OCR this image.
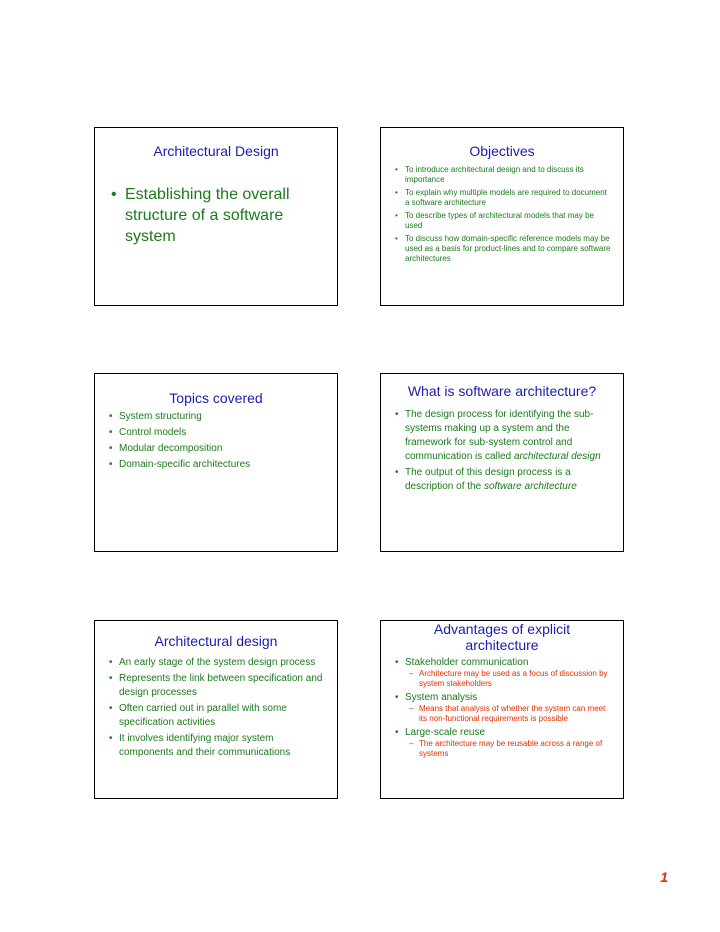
Architectural Design
• Establishing the overall structure of a software system
Objectives
• To introduce architectural design and to discuss its importance
• To explain why multiple models are required to document a software architecture
• To describe types of architectural models that may be used
• To discuss how domain-specific reference models may be used as a basis for product-lines and to compare software architectures
Topics covered
• System structuring
• Control models
• Modular decomposition
• Domain-specific architectures
What is software architecture?
• The design process for identifying the sub-systems making up a system and the framework for sub-system control and communication is called architectural design
• The output of this design process is a description of the software architecture
Architectural design
• An early stage of the system design process
• Represents the link between specification and design processes
• Often carried out in parallel with some specification activities
• It involves identifying major system components and their communications
Advantages of explicit architecture
• Stakeholder communication
– Architecture may be used as a focus of discussion by system stakeholders
• System analysis
– Means that analysis of whether the system can meet its non-functional requirements is possible
• Large-scale reuse
– The architecture may be reusable across a range of systems
1
